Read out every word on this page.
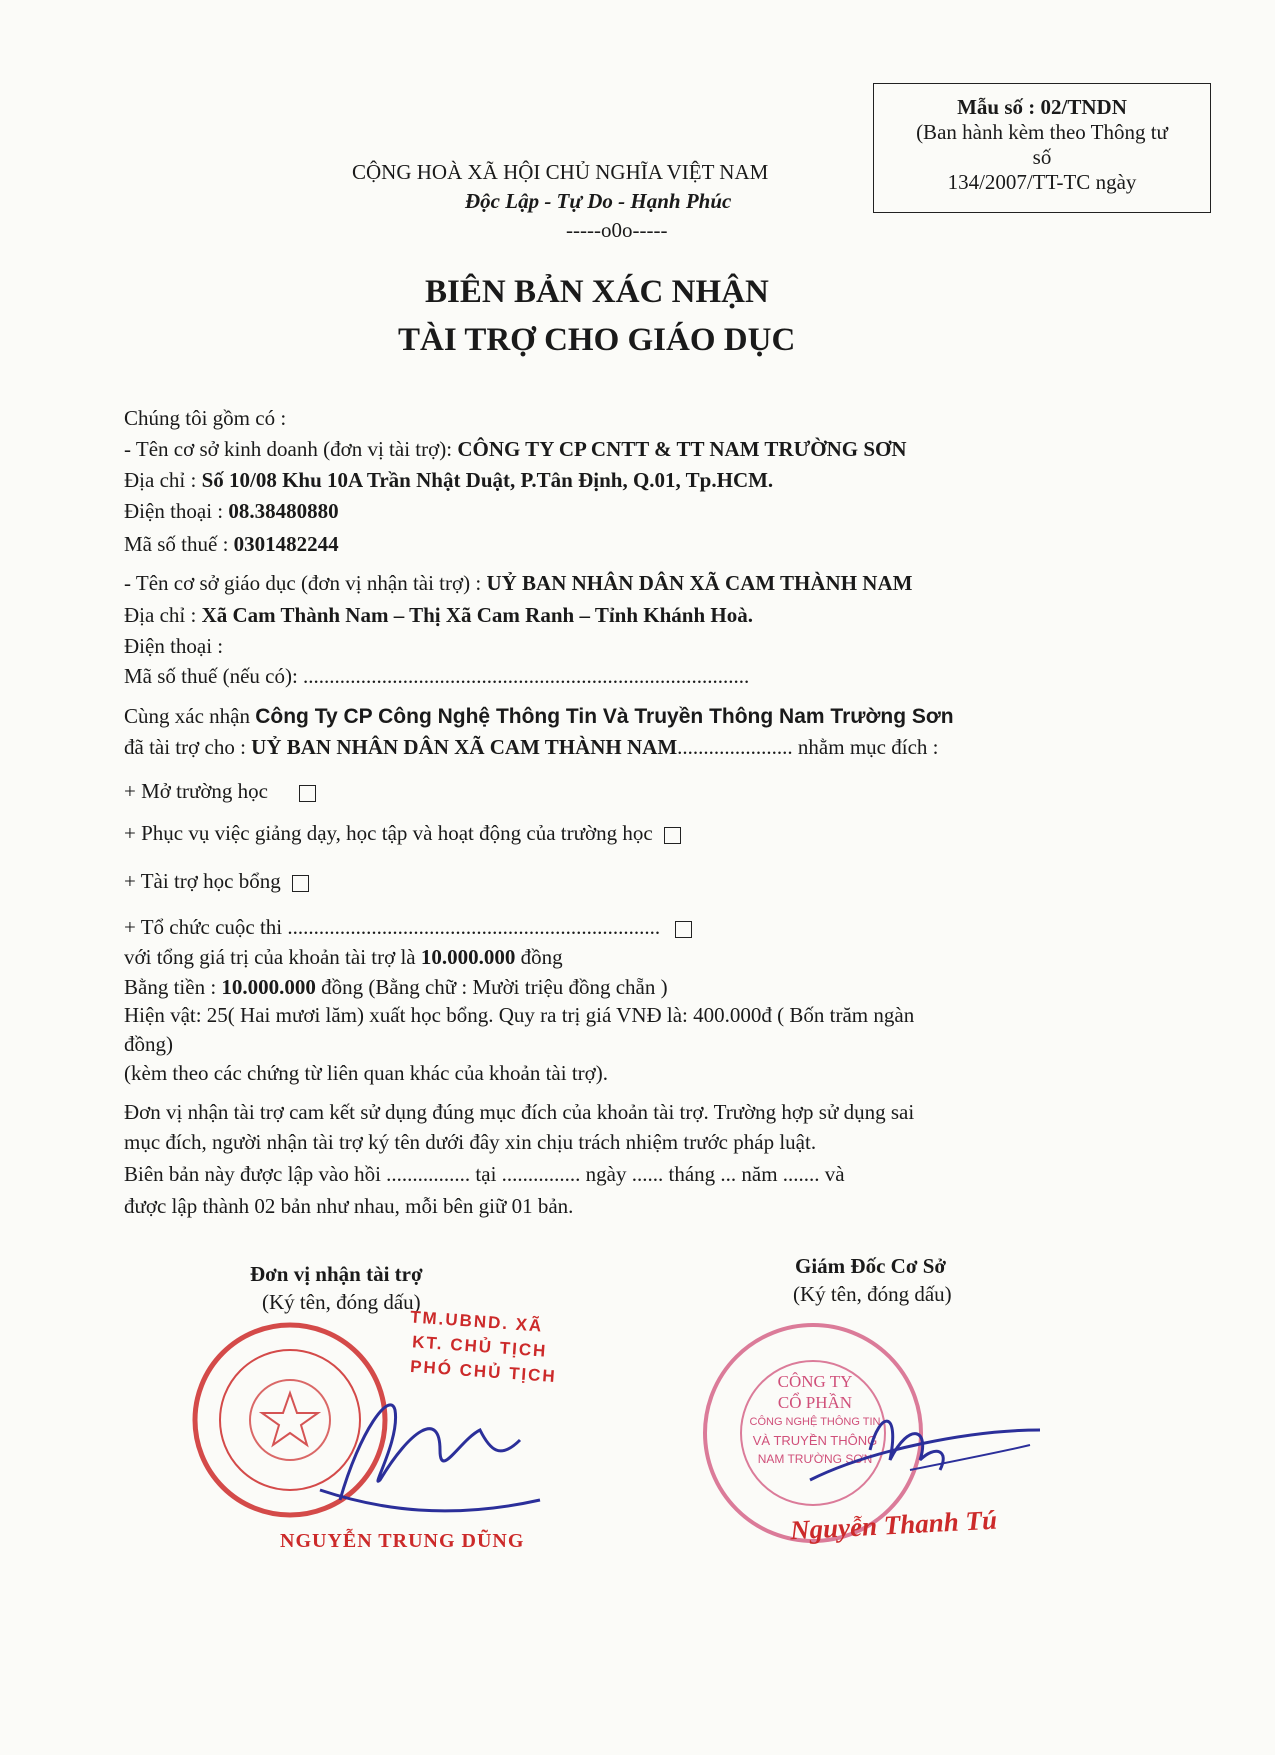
Mẫu số : 02/TNDN
(Ban hành kèm theo Thông tư
số
134/2007/TT-TC ngày
CỘNG HOÀ XÃ HỘI CHỦ NGHĨA VIỆT NAM
Độc Lập - Tự Do - Hạnh Phúc
-----o0o-----
BIÊN BẢN XÁC NHẬN
TÀI TRỢ CHO GIÁO DỤC
Chúng tôi gồm có :
- Tên cơ sở kinh doanh (đơn vị tài trợ): CÔNG TY CP CNTT & TT NAM TRƯỜNG SƠN
Địa chỉ : Số 10/08 Khu 10A Trần Nhật Duật, P.Tân Định, Q.01, Tp.HCM.
Điện thoại : 08.38480880
Mã số thuế : 0301482244
- Tên cơ sở giáo dục (đơn vị nhận tài trợ) : UỶ BAN NHÂN DÂN XÃ CAM THÀNH NAM
Địa chỉ : Xã Cam Thành Nam – Thị Xã Cam Ranh – Tỉnh Khánh Hoà.
Điện thoại :
Mã số thuế (nếu có): .....................................................................................
Cùng xác nhận Công Ty CP Công Nghệ Thông Tin Và Truyền Thông Nam Trường Sơn
đã tài trợ cho : UỶ BAN NHÂN DÂN XÃ CAM THÀNH NAM...................... nhằm mục đích :
+ Mở trường học
+ Phục vụ việc giảng dạy, học tập và hoạt động của trường học
+ Tài trợ học bổng
+ Tổ chức cuộc thi .......................................................................
với tổng giá trị của khoản tài trợ là 10.000.000 đồng
Bằng tiền : 10.000.000 đồng (Bằng chữ : Mười triệu đồng chẵn )
Hiện vật: 25( Hai mươi lăm) xuất học bổng. Quy ra trị giá VNĐ là: 400.000đ ( Bốn trăm ngàn
đồng)
(kèm theo các chứng từ liên quan khác của khoản tài trợ).
Đơn vị nhận tài trợ cam kết sử dụng đúng mục đích của khoản tài trợ. Trường hợp sử dụng sai
mục đích, người nhận tài trợ ký tên dưới đây xin chịu trách nhiệm trước pháp luật.
Biên bản này được lập vào hồi ................ tại ............... ngày ...... tháng ... năm ....... và
được lập thành 02 bản như nhau, mỗi bên giữ 01 bản.
Đơn vị nhận tài trợ
(Ký tên, đóng dấu)
Giám Đốc Cơ Sở
(Ký tên, đóng dấu)
TM.UBND. XÃ
KT. CHỦ TỊCH
PHÓ CHỦ TỊCH
NGUYỄN TRUNG DŨNG
CÔNG TY
CỔ PHẦN
CÔNG NGHỆ THÔNG TIN
VÀ TRUYỀN THÔNG
NAM TRƯỜNG SƠN
Nguyễn Thanh Tú
